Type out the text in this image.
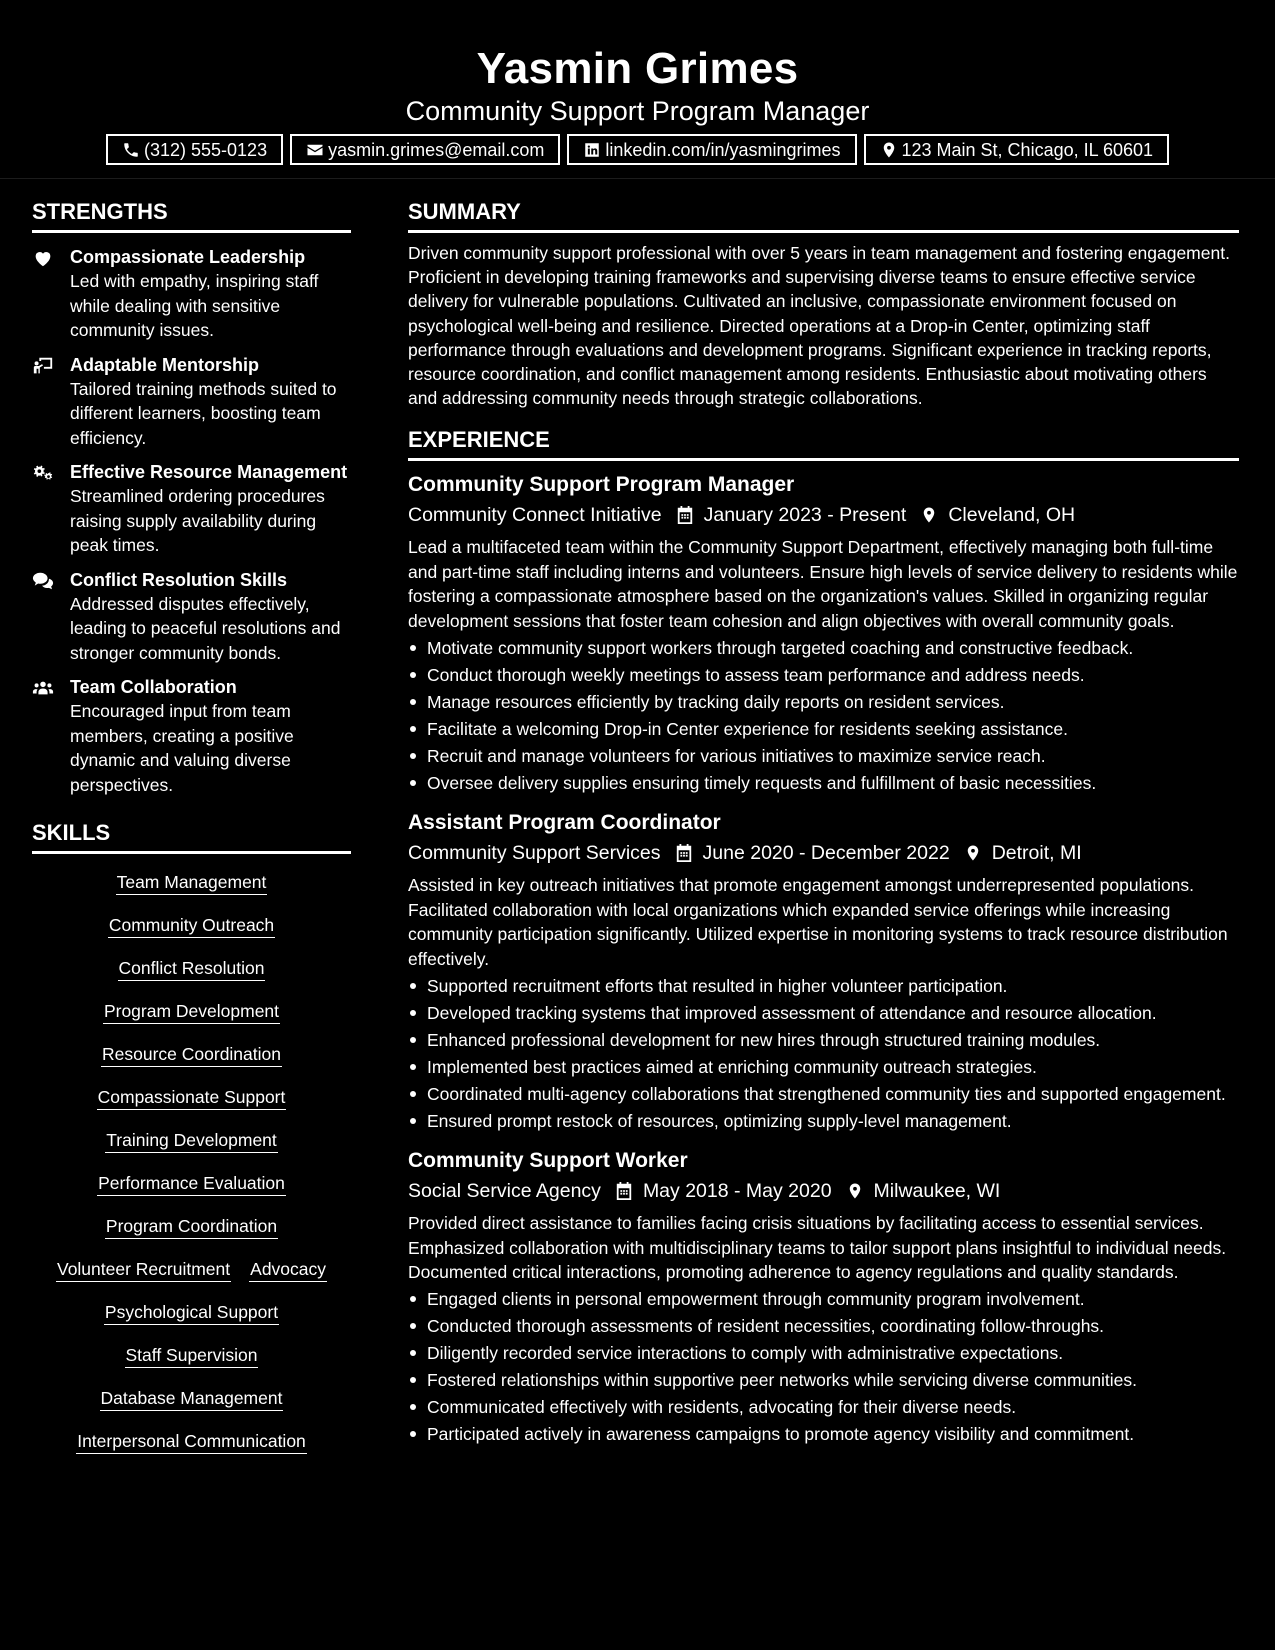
Yasmin Grimes
Community Support Program Manager
(312) 555-0123	yasmin.grimes@email.com	linkedin.com/in/yasmingrimes	123 Main St, Chicago, IL 60601
STRENGTHS
Compassionate Leadership
Led with empathy, inspiring staff while dealing with sensitive community issues.
Adaptable Mentorship
Tailored training methods suited to different learners, boosting team efficiency.
Effective Resource Management
Streamlined ordering procedures raising supply availability during peak times.
Conflict Resolution Skills
Addressed disputes effectively, leading to peaceful resolutions and stronger community bonds.
Team Collaboration
Encouraged input from team members, creating a positive dynamic and valuing diverse perspectives.
SKILLS
Team Management
Community Outreach
Conflict Resolution
Program Development
Resource Coordination
Compassionate Support
Training Development
Performance Evaluation
Program Coordination
Volunteer Recruitment Advocacy
Psychological Support
Staff Supervision
Database Management
Interpersonal Communication
SUMMARY
Driven community support professional with over 5 years in team management and fostering engagement. Proficient in developing training frameworks and supervising diverse teams to ensure effective service delivery for vulnerable populations. Cultivated an inclusive, compassionate environment focused on psychological well-being and resilience. Directed operations at a Drop-in Center, optimizing staff performance through evaluations and development programs. Significant experience in tracking reports, resource coordination, and conflict management among residents. Enthusiastic about motivating others and addressing community needs through strategic collaborations.
EXPERIENCE
Community Support Program Manager
Community Connect Initiative January 2023 - Present Cleveland, OH
Lead a multifaceted team within the Community Support Department, effectively managing both full-time and part-time staff including interns and volunteers. Ensure high levels of service delivery to residents while fostering a compassionate atmosphere based on the organization's values. Skilled in organizing regular development sessions that foster team cohesion and align objectives with overall community goals.
Motivate community support workers through targeted coaching and constructive feedback.
Conduct thorough weekly meetings to assess team performance and address needs.
Manage resources efficiently by tracking daily reports on resident services.
Facilitate a welcoming Drop-in Center experience for residents seeking assistance.
Recruit and manage volunteers for various initiatives to maximize service reach.
Oversee delivery supplies ensuring timely requests and fulfillment of basic necessities.
Assistant Program Coordinator
Community Support Services June 2020 - December 2022 Detroit, MI
Assisted in key outreach initiatives that promote engagement amongst underrepresented populations. Facilitated collaboration with local organizations which expanded service offerings while increasing community participation significantly. Utilized expertise in monitoring systems to track resource distribution effectively.
Supported recruitment efforts that resulted in higher volunteer participation.
Developed tracking systems that improved assessment of attendance and resource allocation.
Enhanced professional development for new hires through structured training modules.
Implemented best practices aimed at enriching community outreach strategies.
Coordinated multi-agency collaborations that strengthened community ties and supported engagement.
Ensured prompt restock of resources, optimizing supply-level management.
Community Support Worker
Social Service Agency May 2018 - May 2020 Milwaukee, WI
Provided direct assistance to families facing crisis situations by facilitating access to essential services. Emphasized collaboration with multidisciplinary teams to tailor support plans insightful to individual needs. Documented critical interactions, promoting adherence to agency regulations and quality standards.
Engaged clients in personal empowerment through community program involvement.
Conducted thorough assessments of resident necessities, coordinating follow-throughs.
Diligently recorded service interactions to comply with administrative expectations.
Fostered relationships within supportive peer networks while servicing diverse communities.
Communicated effectively with residents, advocating for their diverse needs.
Participated actively in awareness campaigns to promote agency visibility and commitment.
